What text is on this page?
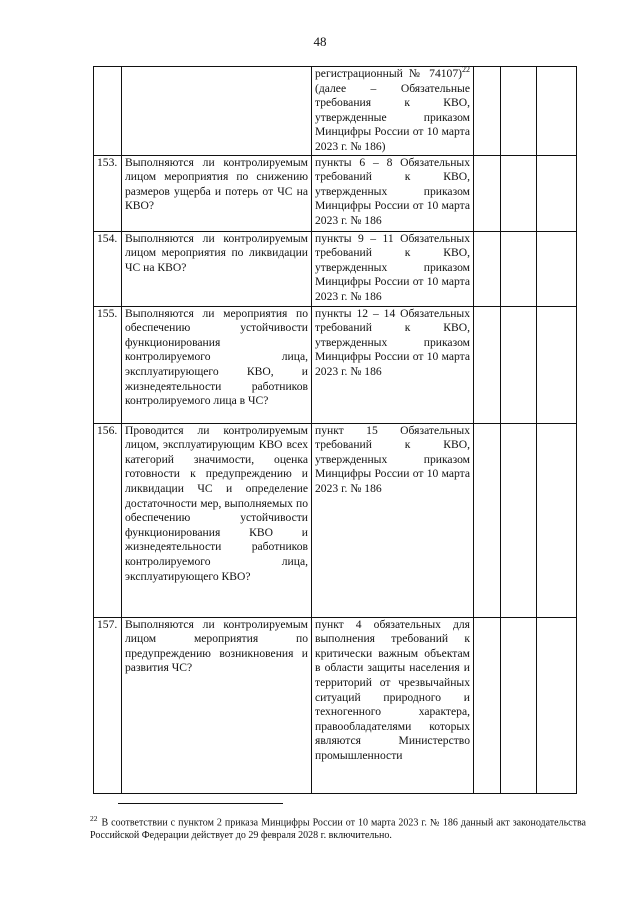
48
		регистрационный № 74107)$^{22}$ (далее – Обязательные требования к КВО, утвержденные приказом Минцифры России от 10 марта 2023 г. № 186)			
153.	Выполняются ли контролируемым лицом мероприятия по снижению размеров ущерба и потерь от ЧС на КВО?	пункты 6 – 8 Обязательных требований к КВО, утвержденных приказом Минцифры России от 10 марта 2023 г. № 186			
154.	Выполняются ли контролируемым лицом мероприятия по ликвидации ЧС на КВО?	пункты 9 – 11 Обязательных требований к КВО, утвержденных приказом Минцифры России от 10 марта 2023 г. № 186			
155.	Выполняются ли мероприятия по обеспечению устойчивости функционирования контролируемого лица, эксплуатирующего КВО, и жизнедеятельности работников контролируемого лица в ЧС?	пункты 12 – 14 Обязательных требований к КВО, утвержденных приказом Минцифры России от 10 марта 2023 г. № 186			
156.	Проводится ли контролируемым лицом, эксплуатирующим КВО всех категорий значимости, оценка готовности к предупреждению и ликвидации ЧС и определение достаточности мер, выполняемых по обеспечению устойчивости функционирования КВО и жизнедеятельности работников контролируемого лица, эксплуатирующего КВО?	пункт 15 Обязательных требований к КВО, утвержденных приказом Минцифры России от 10 марта 2023 г. № 186			
157.	Выполняются ли контролируемым лицом мероприятия по предупреждению возникновения и развития ЧС?	пункт 4 обязательных для выполнения требований к критически важным объектам в области защиты населения и территорий от чрезвычайных ситуаций природного и техногенного характера, правообладателями которых являются Министерство промышленности			
$^{22}$ В соответствии с пунктом 2 приказа Минцифры России от 10 марта 2023 г. № 186 данный акт законодательства Российской Федерации действует до 29 февраля 2028 г. включительно.
